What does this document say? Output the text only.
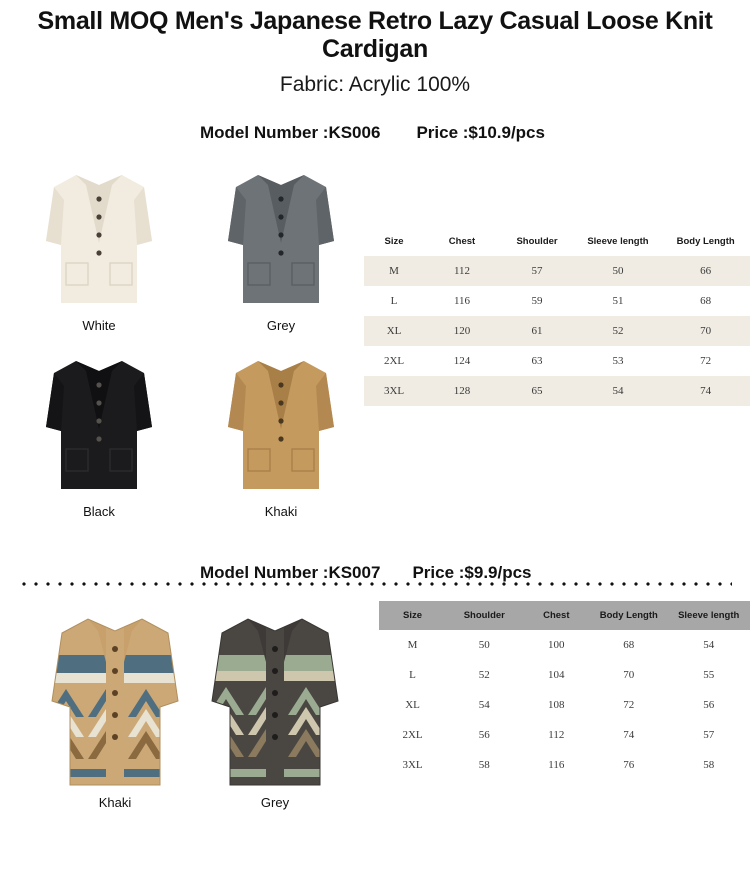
Small MOQ Men's Japanese Retro Lazy Casual Loose Knit Cardigan
Fabric: Acrylic 100%
Model Number :KS006 Price :$10.9/pcs
White	Grey
Black	Khaki
Size	Chest	Shoulder	Sleeve length	Body Length
M	112	57	50	66
L	116	59	51	68
XL	120	61	52	70
2XL	124	63	53	72
3XL	128	65	54	74
Model Number :KS007 Price :$9.9/pcs
Khaki	Grey
Size	Shoulder	Chest	Body Length	Sleeve length
M	50	100	68	54
L	52	104	70	55
XL	54	108	72	56
2XL	56	112	74	57
3XL	58	116	76	58
